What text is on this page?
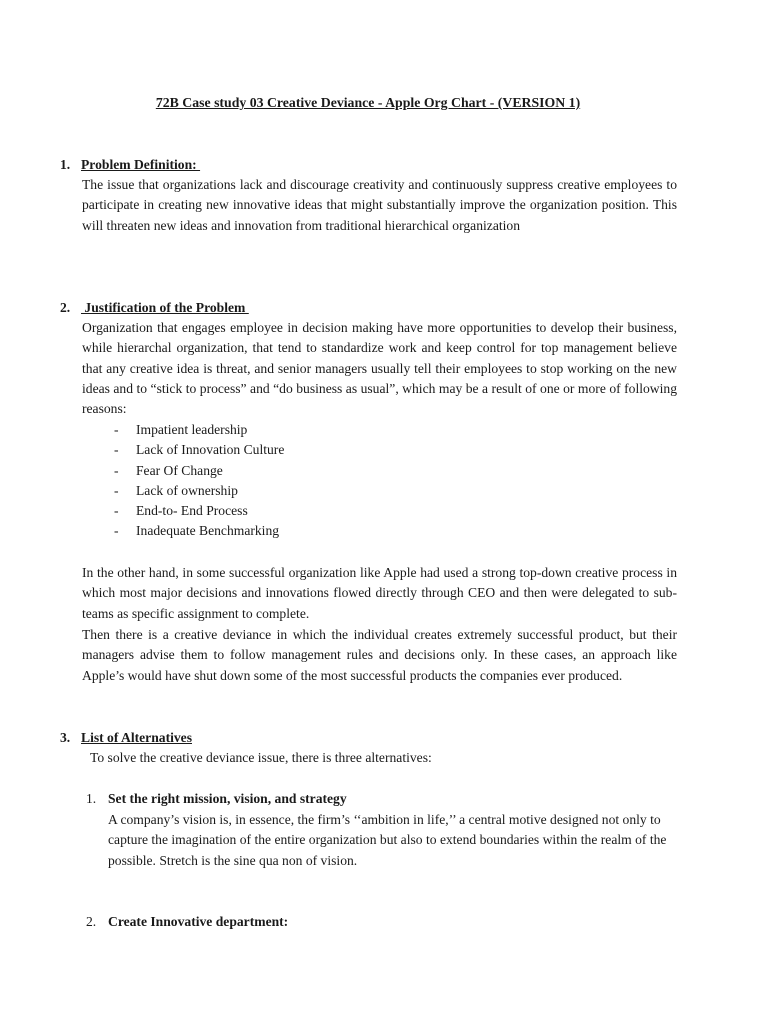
72B Case study 03 Creative Deviance - Apple Org Chart - (VERSION 1)
1. Problem Definition:
The issue that organizations lack and discourage creativity and continuously suppress creative employees to participate in creating new innovative ideas that might substantially improve the organization position. This will threaten new ideas and innovation from traditional hierarchical organization
2. Justification of the Problem
Organization that engages employee in decision making have more opportunities to develop their business, while hierarchal organization, that tend to standardize work and keep control for top management believe that any creative idea is threat, and senior managers usually tell their employees to stop working on the new ideas and to “stick to process” and “do business as usual”, which may be a result of one or more of following reasons:
- Impatient leadership
- Lack of Innovation Culture
- Fear Of Change
- Lack of ownership
- End-to- End Process
- Inadequate Benchmarking
In the other hand, in some successful organization like Apple had used a strong top-down creative process in which most major decisions and innovations flowed directly through CEO and then were delegated to sub-teams as specific assignment to complete.
Then there is a creative deviance in which the individual creates extremely successful product, but their managers advise them to follow management rules and decisions only. In these cases, an approach like Apple’s would have shut down some of the most successful products the companies ever produced.
3. List of Alternatives
To solve the creative deviance issue, there is three alternatives:
1. Set the right mission, vision, and strategy
A company’s vision is, in essence, the firm’s ‘‘ambition in life,’’ a central motive designed not only to capture the imagination of the entire organization but also to extend boundaries within the realm of the possible. Stretch is the sine qua non of vision.
2. Create Innovative department:
